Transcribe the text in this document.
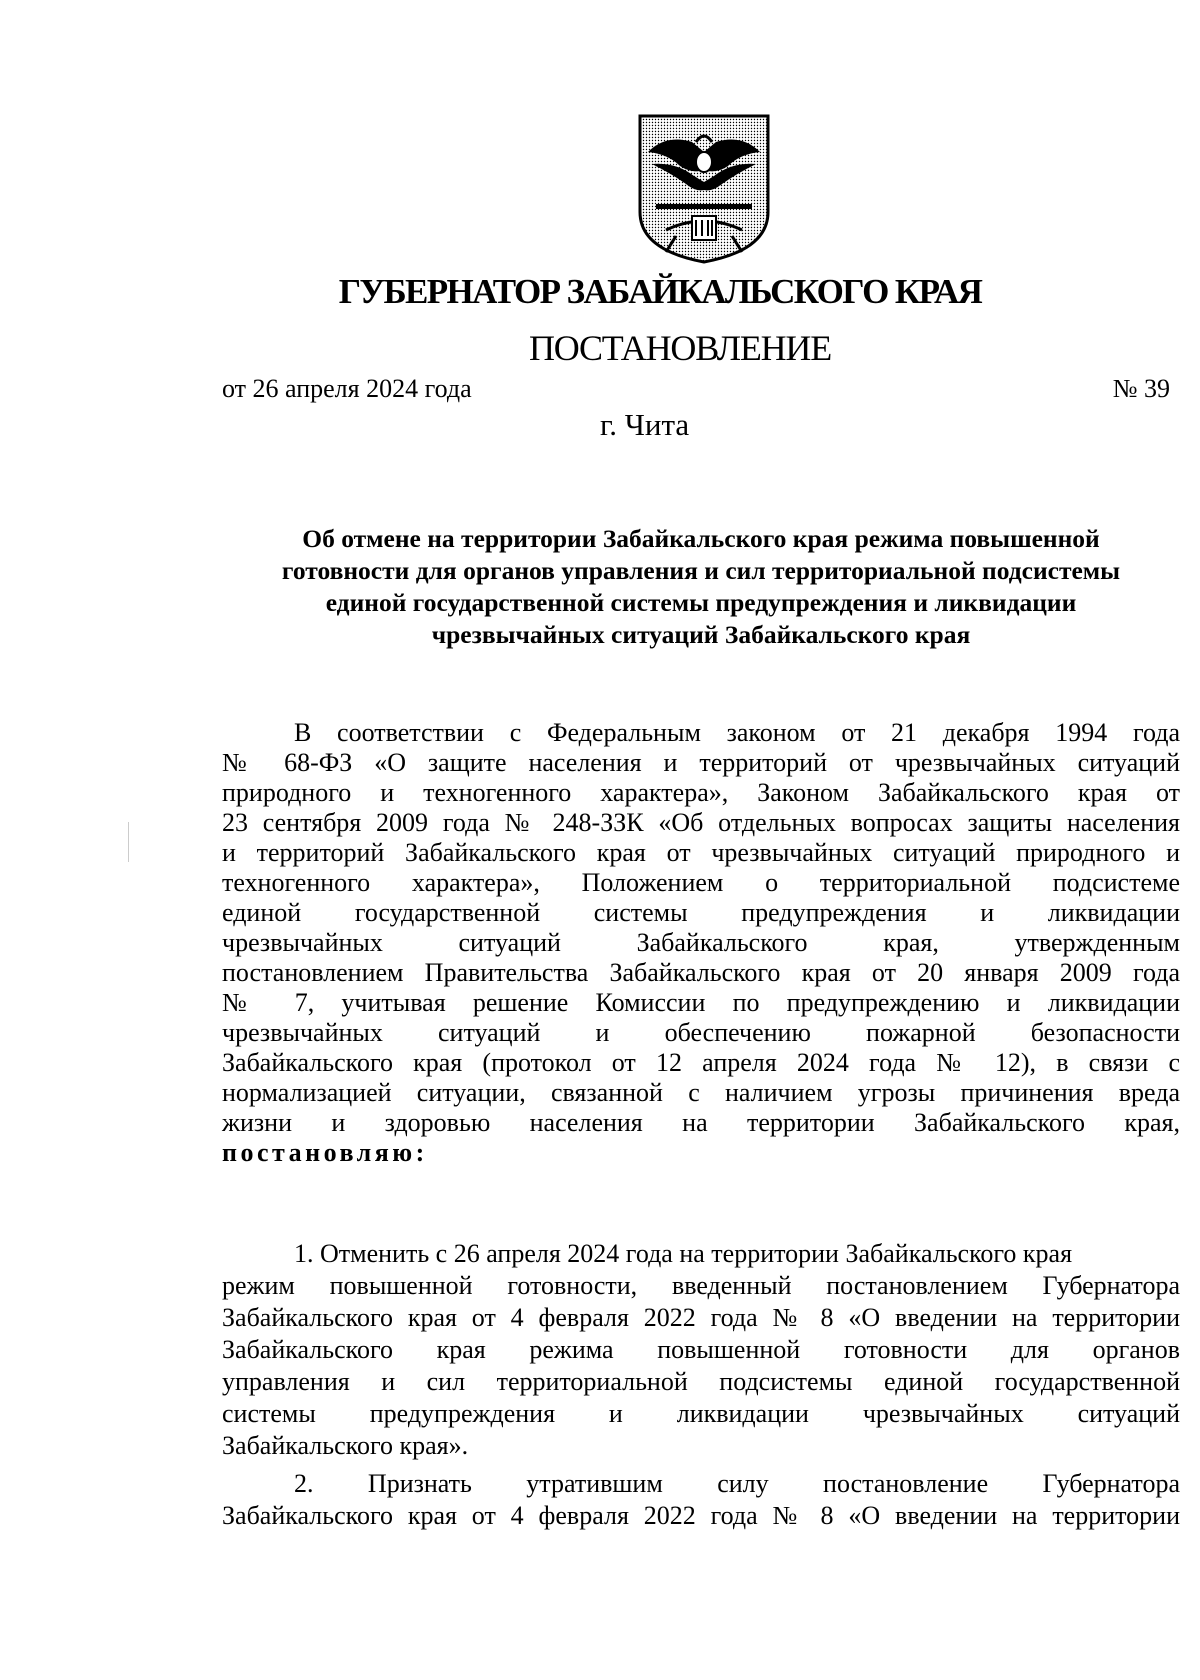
ГУБЕРНАТОР ЗАБАЙКАЛЬСКОГО КРАЯ
ПОСТАНОВЛЕНИЕ
от 26 апреля 2024 года	№ 39
г. Чита
Об отмене на территории Забайкальского края режима повышенной
готовности для органов управления и сил территориальной подсистемы
единой государственной системы предупреждения и ликвидации
чрезвычайных ситуаций Забайкальского края
В соответствии с Федеральным законом от 21 декабря 1994 года
№ 68-ФЗ «О защите населения и территорий от чрезвычайных ситуаций
природного и техногенного характера», Законом Забайкальского края от
23 сентября 2009 года № 248-ЗЗК «Об отдельных вопросах защиты населения
и территорий Забайкальского края от чрезвычайных ситуаций природного и
техногенного характера», Положением о территориальной подсистеме
единой государственной системы предупреждения и ликвидации
чрезвычайных ситуаций Забайкальского края, утвержденным
постановлением Правительства Забайкальского края от 20 января 2009 года
№ 7, учитывая решение Комиссии по предупреждению и ликвидации
чрезвычайных ситуаций и обеспечению пожарной безопасности
Забайкальского края (протокол от 12 апреля 2024 года № 12), в связи с
нормализацией ситуации, связанной с наличием угрозы причинения вреда
жизни и здоровью населения на территории Забайкальского края,
постановляю:
1. Отменить с 26 апреля 2024 года на территории Забайкальского края
режим повышенной готовности, введенный постановлением Губернатора
Забайкальского края от 4 февраля 2022 года № 8 «О введении на территории
Забайкальского края режима повышенной готовности для органов
управления и сил территориальной подсистемы единой государственной
системы предупреждения и ликвидации чрезвычайных ситуаций
Забайкальского края».
2. Признать утратившим силу постановление Губернатора
Забайкальского края от 4 февраля 2022 года № 8 «О введении на территории
